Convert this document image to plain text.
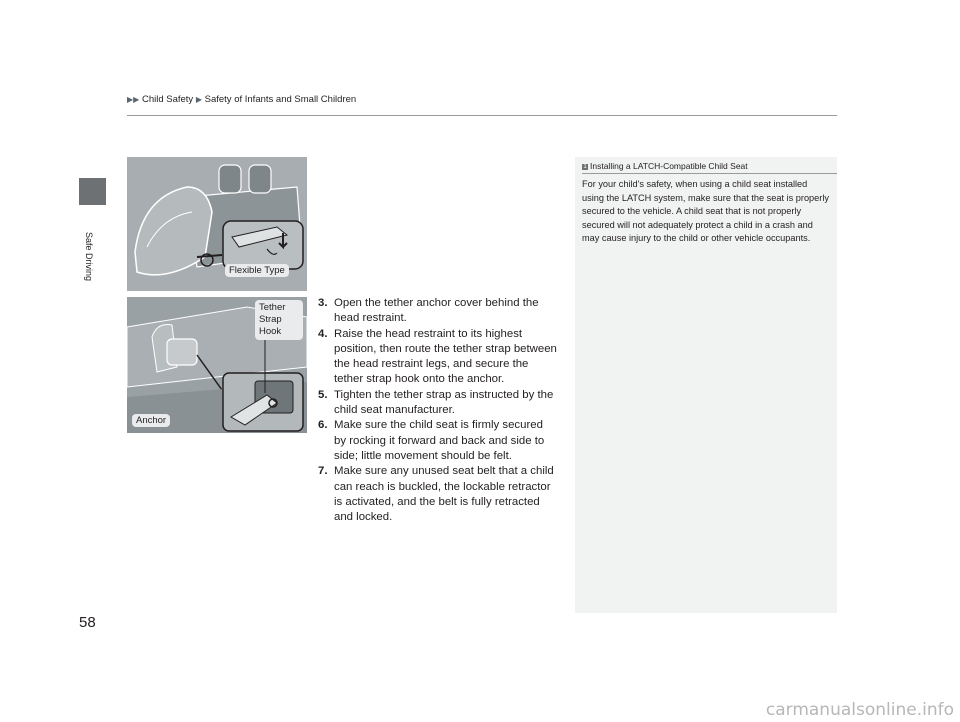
▶▶ Child Safety ▶ Safety of Infants and Small Children
Safe Driving	Flexible Type
Tether Strap Hook
Anchor

3. Open the tether anchor cover behind the head restraint.

4. Raise the head restraint to its highest position, then route the tether strap between the head restraint legs, and secure the tether strap hook onto the anchor.

5. Tighten the tether strap as instructed by the child seat manufacturer.

6. Make sure the child seat is firmly secured by rocking it forward and back and side to side; little movement should be felt.

7. Make sure any unused seat belt that a child can reach is buckled, the lockable retractor is activated, and the belt is fully retracted and locked.

1 Installing a LATCH-Compatible Child Seat
For your child's safety, when using a child seat installed using the LATCH system, make sure that the seat is properly secured to the vehicle. A child seat that is not properly secured will not adequately protect a child in a crash and may cause injury to the child or other vehicle occupants.
58
carmanualsonline.info
